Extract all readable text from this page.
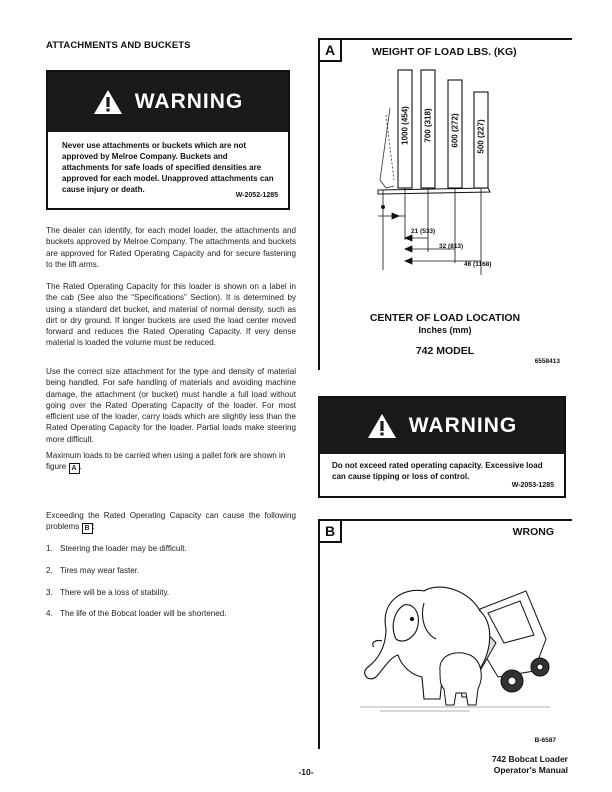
ATTACHMENTS AND BUCKETS
WARNING
Never use attachments or buckets which are not approved by Melroe Company. Buckets and attachments for safe loads of specified densities are approved for each model. Unapproved attachments can cause injury or death.
W-2052-1285
The dealer can identify, for each model loader, the attachments and buckets approved by Melroe Company. The attachments and buckets are approved for Rated Operating Capacity and for secure fastening to the lift arms.
The Rated Operating Capacity for this loader is shown on a label in the cab (See also the “Specifications” Section). It is determined by using a standard dirt bucket, and material of normal density, such as dirt or dry ground. If longer buckets are used the load center moved forward and reduces the Rated Operating Capacity. If very dense material is loaded the volume must be reduced.
Use the correct size attachment for the type and density of material being handled. For safe handling of materials and avoiding machine damage, the attachment (or bucket) must handle a full load without going over the Rated Operating Capacity of the loader. For most efficient use of the loader, carry loads which are slightly less than the Rated Operating Capacity for the loader. Partial loads make steering more difficult.
Maximum loads to be carried when using a pallet fork are shown in figure A .
Exceeding the Rated Operating Capacity can cause the following problems B :
1. Steering the loader may be difficult.
2. Tires may wear faster.
3. There will be a loss of stability.
4. The life of the Bobcat loader will be shortened.
A	WEIGHT OF LOAD LBS. (KG)
1000 (454) 700 (318) 600 (272) 500 (227)
21 (533)
32 (813)
46 (1168)
CENTER OF LOAD LOCATION
Inches (mm)
742 MODEL
6558413
WARNING
Do not exceed rated operating capacity. Excessive load can cause tipping or loss of control.
W-2053-1285
B	WRONG
B-6587
-10-
742 Bobcat Loader
Operator's Manual
